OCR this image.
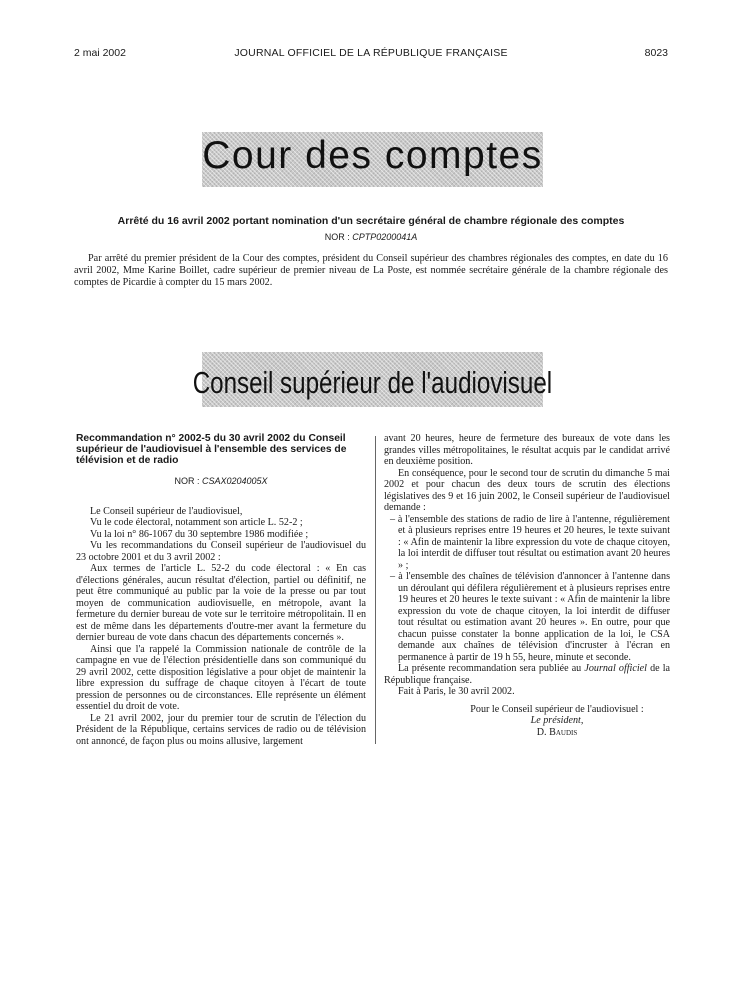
2 mai 2002	JOURNAL OFFICIEL DE LA RÉPUBLIQUE FRANÇAISE	8023
Cour des comptes
Arrêté du 16 avril 2002 portant nomination d'un secrétaire général de chambre régionale des comptes
NOR : CPTP0200041A

Par arrêté du premier président de la Cour des comptes, président du Conseil supérieur des chambres régionales des comptes, en date du 16 avril 2002, Mme Karine Boillet, cadre supérieur de premier niveau de La Poste, est nommée secrétaire générale de la chambre régionale des comptes de Picardie à compter du 15 mars 2002.

Conseil supérieur de l'audiovisuel

Recommandation n° 2002-5 du 30 avril 2002 du Conseil supérieur de l'audiovisuel à l'ensemble des services de télévision et de radio

NOR : CSAX0204005X

Le Conseil supérieur de l'audiovisuel,

Vu le code électoral, notamment son article L. 52-2 ;

Vu la loi n° 86-1067 du 30 septembre 1986 modifiée ;

Vu les recommandations du Conseil supérieur de l'audiovisuel du 23 octobre 2001 et du 3 avril 2002 :

Aux termes de l'article L. 52-2 du code électoral : « En cas d'élections générales, aucun résultat d'élection, partiel ou définitif, ne peut être communiqué au public par la voie de la presse ou par tout moyen de communication audiovisuelle, en métropole, avant la fermeture du dernier bureau de vote sur le territoire métropolitain. Il en est de même dans les départements d'outre-mer avant la fermeture du dernier bureau de vote dans chacun des départements concernés ».

Ainsi que l'a rappelé la Commission nationale de contrôle de la campagne en vue de l'élection présidentielle dans son communiqué du 29 avril 2002, cette disposition législative a pour objet de maintenir la libre expression du suffrage de chaque citoyen à l'écart de toute pression de personnes ou de circonstances. Elle représente un élément essentiel du droit de vote.

Le 21 avril 2002, jour du premier tour de scrutin de l'élection du Président de la République, certains services de radio ou de télévision ont annoncé, de façon plus ou moins allusive, largement

avant 20 heures, heure de fermeture des bureaux de vote dans les grandes villes métropolitaines, le résultat acquis par le candidat arrivé en deuxième position.

En conséquence, pour le second tour de scrutin du dimanche 5 mai 2002 et pour chacun des deux tours de scrutin des élections législatives des 9 et 16 juin 2002, le Conseil supérieur de l'audiovisuel demande :

– à l'ensemble des stations de radio de lire à l'antenne, régulièrement et à plusieurs reprises entre 19 heures et 20 heures, le texte suivant : « Afin de maintenir la libre expression du vote de chaque citoyen, la loi interdit de diffuser tout résultat ou estimation avant 20 heures » ;

– à l'ensemble des chaînes de télévision d'annoncer à l'antenne dans un déroulant qui défilera régulièrement et à plusieurs reprises entre 19 heures et 20 heures le texte suivant : « Afin de maintenir la libre expression du vote de chaque citoyen, la loi interdit de diffuser tout résultat ou estimation avant 20 heures ». En outre, pour que chacun puisse constater la bonne application de la loi, le CSA demande aux chaînes de télévision d'incruster à l'écran en permanence à partir de 19 h 55, heure, minute et seconde.

La présente recommandation sera publiée au Journal officiel de la République française.

Fait à Paris, le 30 avril 2002.

Pour le Conseil supérieur de l'audiovisuel :

Le président,

D. Baudis
